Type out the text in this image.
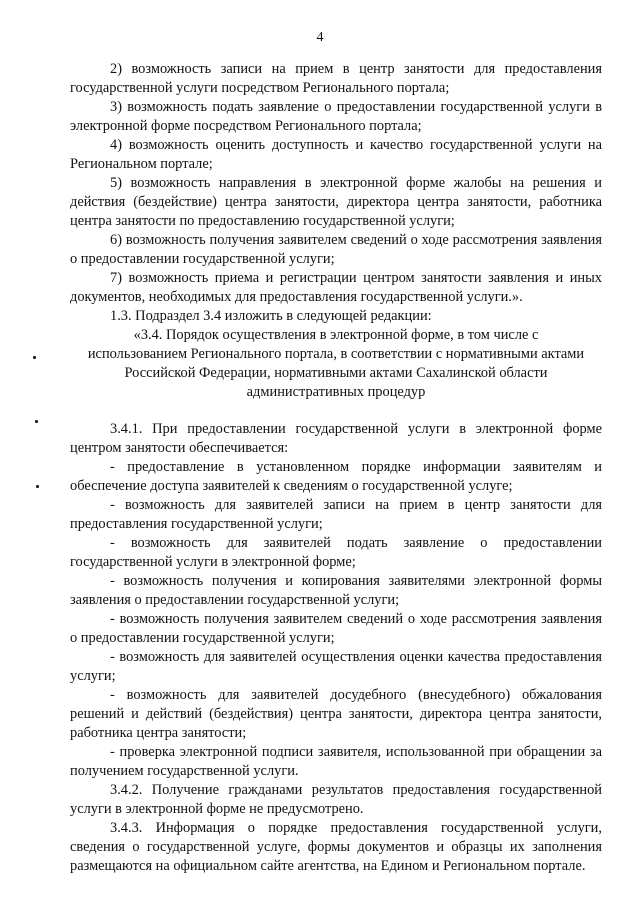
4

2) возможность записи на прием в центр занятости для предоставления государственной услуги посредством Регионального портала;

3) возможность подать заявление о предоставлении государственной услуги в электронной форме посредством Регионального портала;

4) возможность оценить доступность и качество государственной услуги на Региональном портале;

5) возможность направления в электронной форме жалобы на решения и действия (бездействие) центра занятости, директора центра занятости, работника центра занятости по предоставлению государственной услуги;

6) возможность получения заявителем сведений о ходе рассмотрения заявления о предоставлении государственной услуги;

7) возможность приема и регистрации центром занятости заявления и иных документов, необходимых для предоставления государственной услуги.».

1.3. Подраздел 3.4 изложить в следующей редакции:

«3.4. Порядок осуществления в электронной форме, в том числе с

использованием Регионального портала, в соответствии с нормативными актами

Российской Федерации, нормативными актами Сахалинской области

административных процедур

3.4.1. При предоставлении государственной услуги в электронной форме центром занятости обеспечивается:

- предоставление в установленном порядке информации заявителям и обеспечение доступа заявителей к сведениям о государственной услуге;

- возможность для заявителей записи на прием в центр занятости для предоставления государственной услуги;

- возможность для заявителей подать заявление о предоставлении государственной услуги в электронной форме;

- возможность получения и копирования заявителями электронной формы заявления о предоставлении государственной услуги;

- возможность получения заявителем сведений о ходе рассмотрения заявления о предоставлении государственной услуги;

- возможность для заявителей осуществления оценки качества предоставления услуги;

- возможность для заявителей досудебного (внесудебного) обжалования решений и действий (бездействия) центра занятости, директора центра занятости, работника центра занятости;

- проверка электронной подписи заявителя, использованной при обращении за получением государственной услуги.

3.4.2. Получение гражданами результатов предоставления государственной услуги в электронной форме не предусмотрено.

3.4.3. Информация о порядке предоставления государственной услуги, сведения о государственной услуге, формы документов и образцы их заполнения размещаются на официальном сайте агентства, на Едином и Региональном портале.
